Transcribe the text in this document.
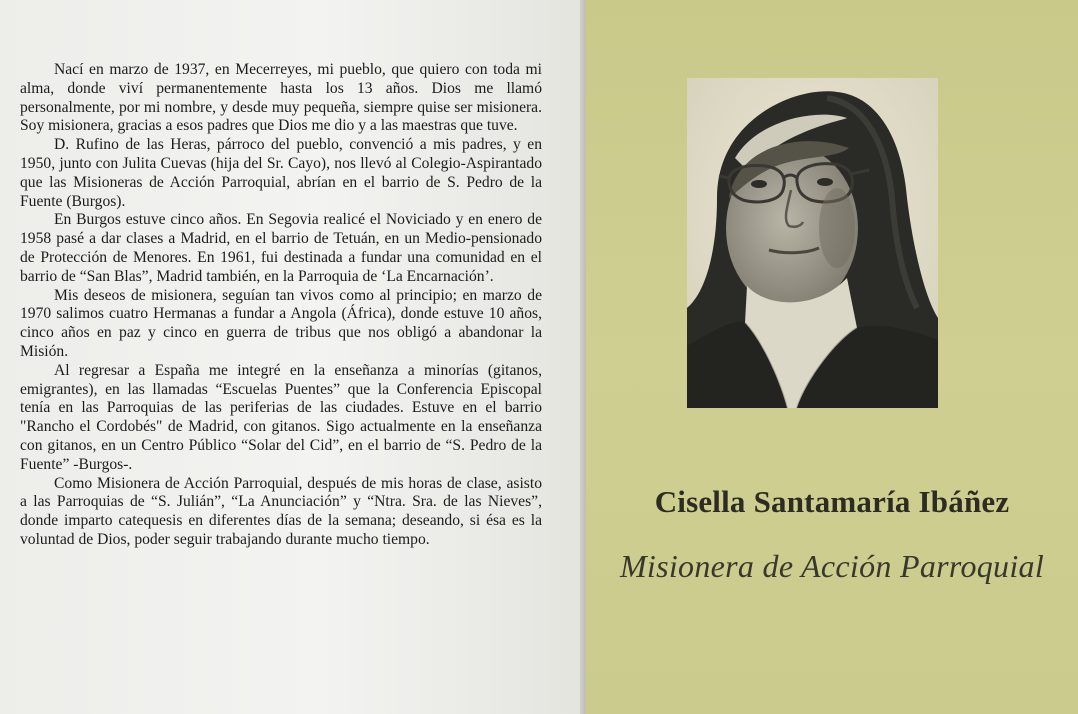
Nací en marzo de 1937, en Mecerreyes, mi pueblo, que quiero con toda mi alma, donde viví permanentemente hasta los 13 años. Dios me llamó personalmente, por mi nombre, y desde muy pequeña, siempre quise ser misionera. Soy misionera, gracias a esos padres que Dios me dio y a las maestras que tuve.

D. Rufino de las Heras, párroco del pueblo, convenció a mis padres, y en 1950, junto con Julita Cuevas (hija del Sr. Cayo), nos llevó al Colegio-Aspirantado que las Misioneras de Acción Parroquial, abrían en el barrio de S. Pedro de la Fuente (Burgos).

En Burgos estuve cinco años. En Segovia realicé el Noviciado y en enero de 1958 pasé a dar clases a Madrid, en el barrio de Tetuán, en un Medio-pensionado de Protección de Menores. En 1961, fui destinada a fundar una comunidad en el barrio de “San Blas”, Madrid también, en la Parroquia de ‘La Encarnación’.

Mis deseos de misionera, seguían tan vivos como al principio; en marzo de 1970 salimos cuatro Hermanas a fundar a Angola (África), donde estuve 10 años, cinco años en paz y cinco en guerra de tribus que nos obligó a abandonar la Misión.

Al regresar a España me integré en la enseñanza a minorías (gitanos, emigrantes), en las llamadas “Escuelas Puentes” que la Conferencia Episcopal tenía en las Parroquias de las periferias de las ciudades. Estuve en el barrio "Rancho el Cordobés" de Madrid, con gitanos. Sigo actualmente en la enseñanza con gitanos, en un Centro Público “Solar del Cid”, en el barrio de “S. Pedro de la Fuente” -Burgos-.

Como Misionera de Acción Parroquial, después de mis horas de clase, asisto a las Parroquias de “S. Julián”, “La Anunciación” y “Ntra. Sra. de las Nieves”, donde imparto catequesis en diferentes días de la semana; deseando, si ésa es la voluntad de Dios, poder seguir trabajando durante mucho tiempo.

Cisella Santamaría Ibáñez
Misionera de Acción Parroquial
